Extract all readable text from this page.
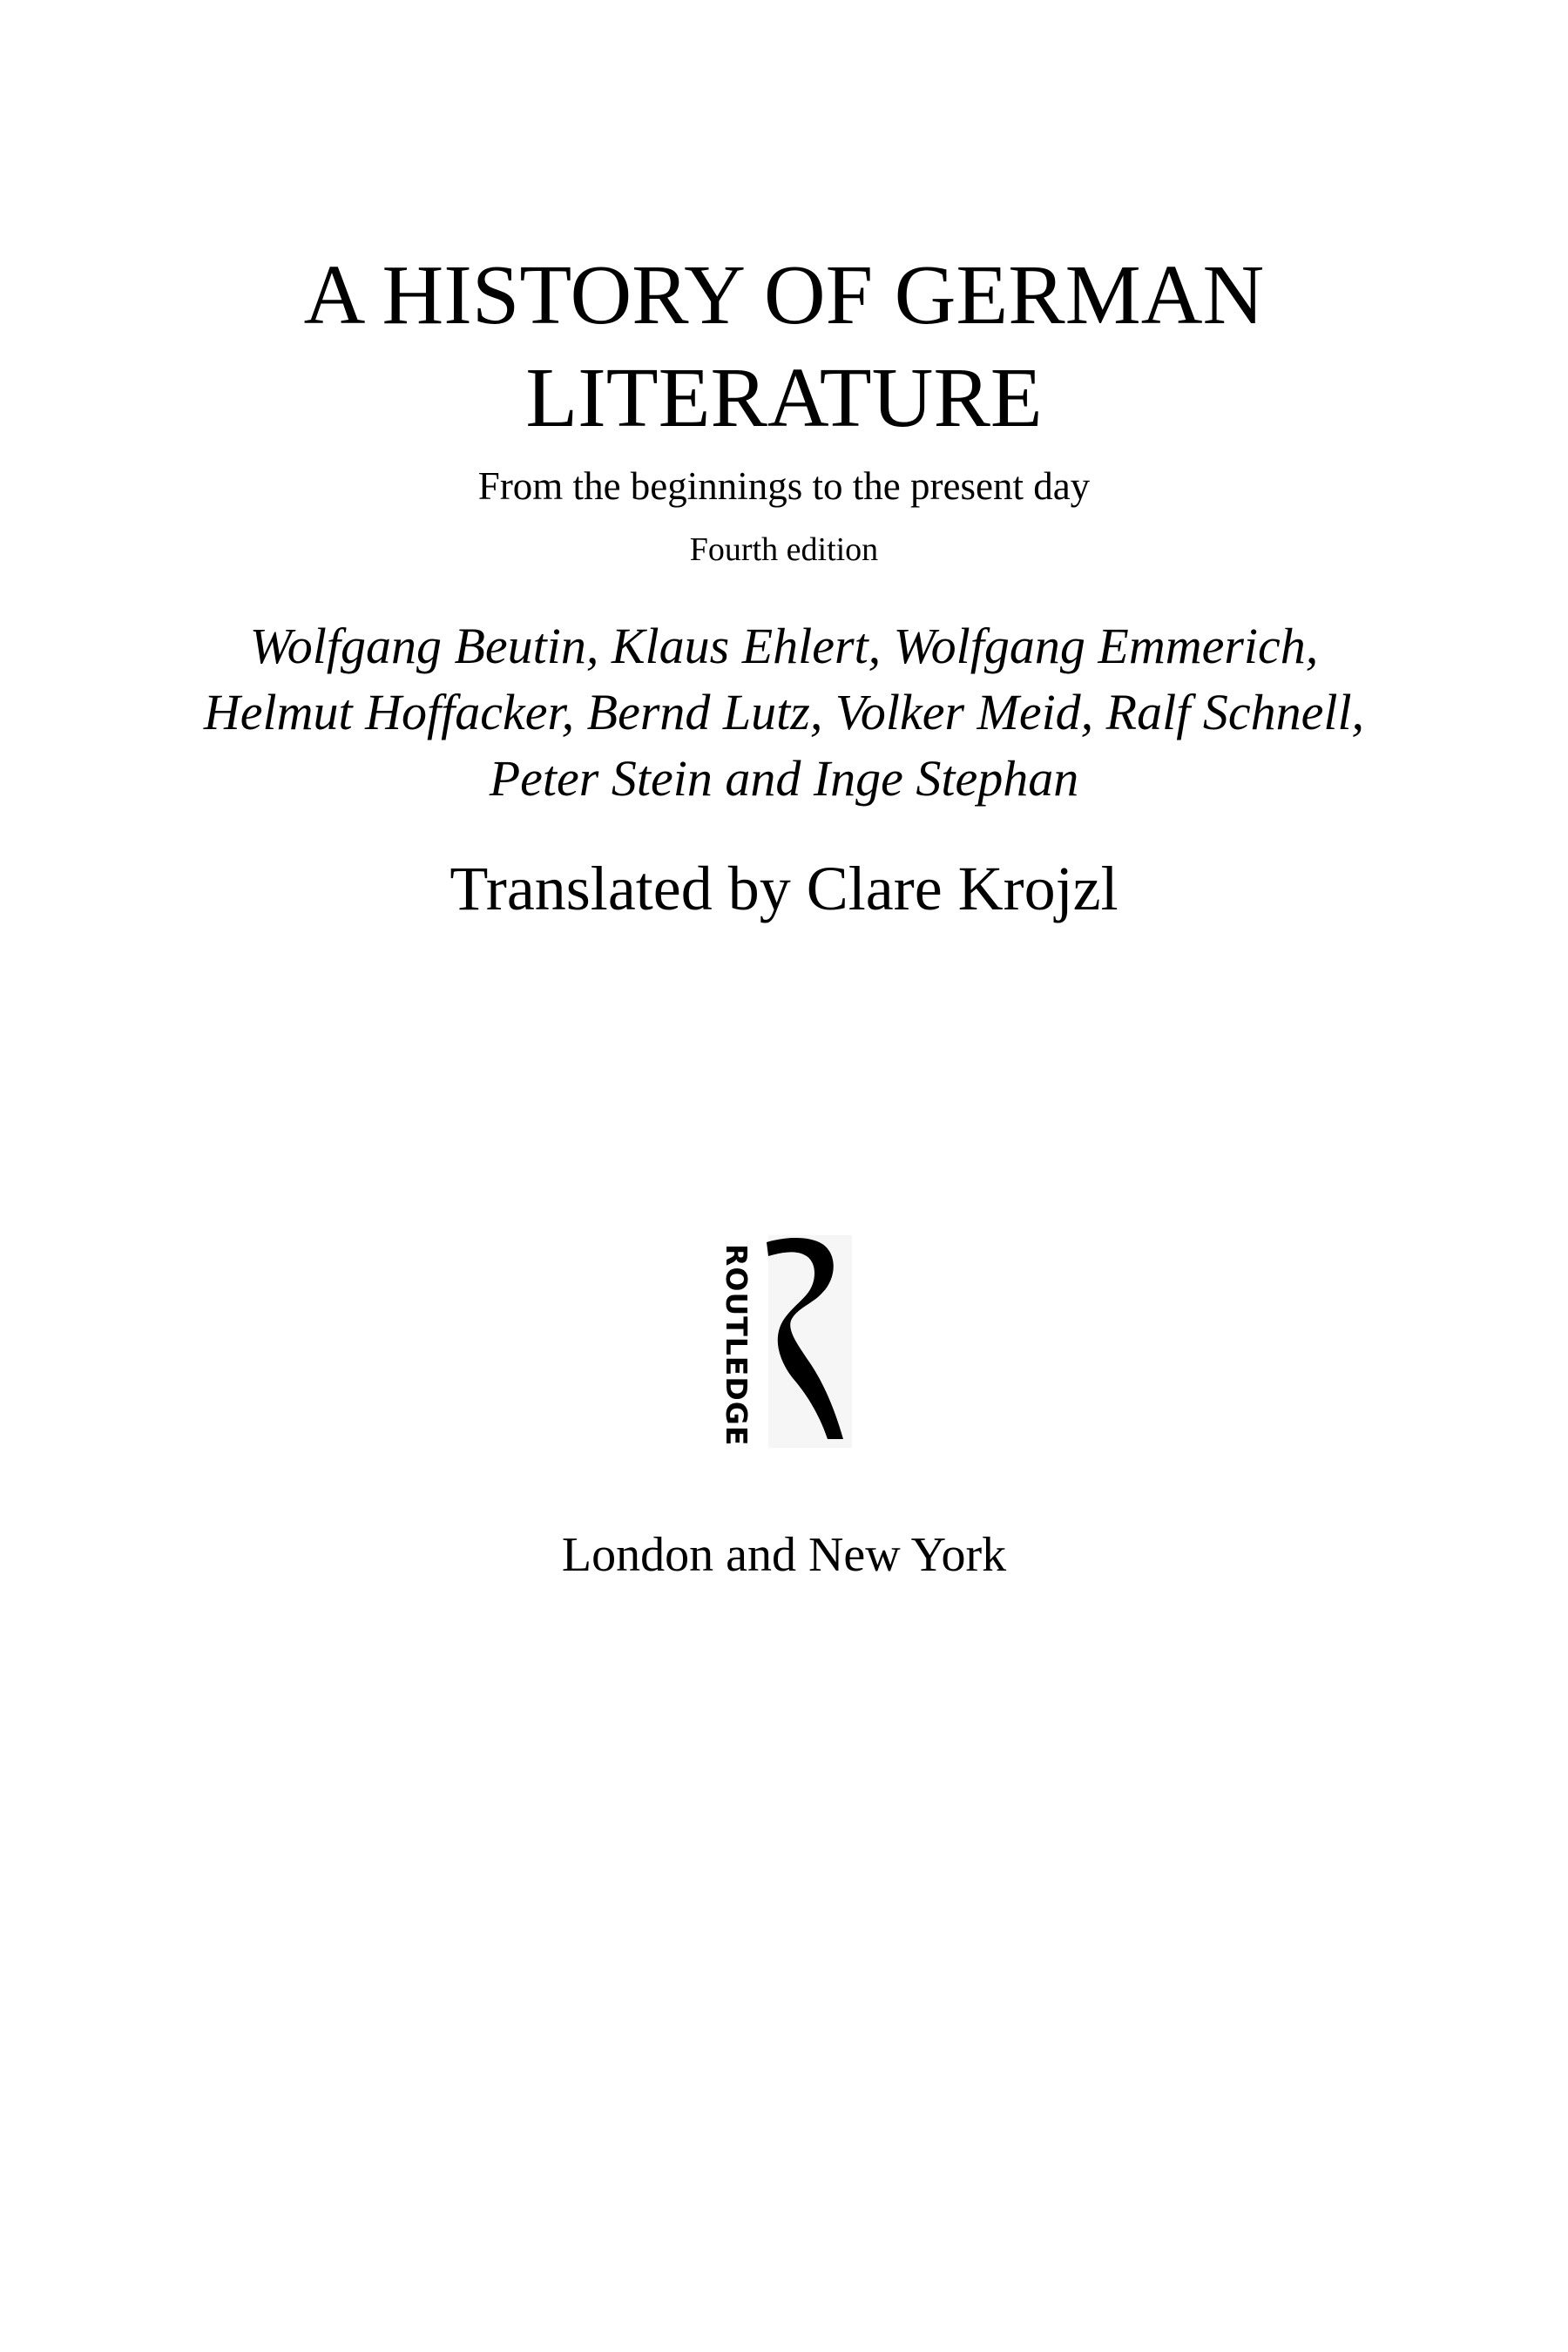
A HISTORY OF GERMAN
LITERATURE
From the beginnings to the present day
Fourth edition
Wolfgang Beutin, Klaus Ehlert, Wolfgang Emmerich,
Helmut Hoffacker, Bernd Lutz, Volker Meid, Ralf Schnell,
Peter Stein and Inge Stephan
Translated by Clare Krojzl
ROUTLEDGE
London and New York
